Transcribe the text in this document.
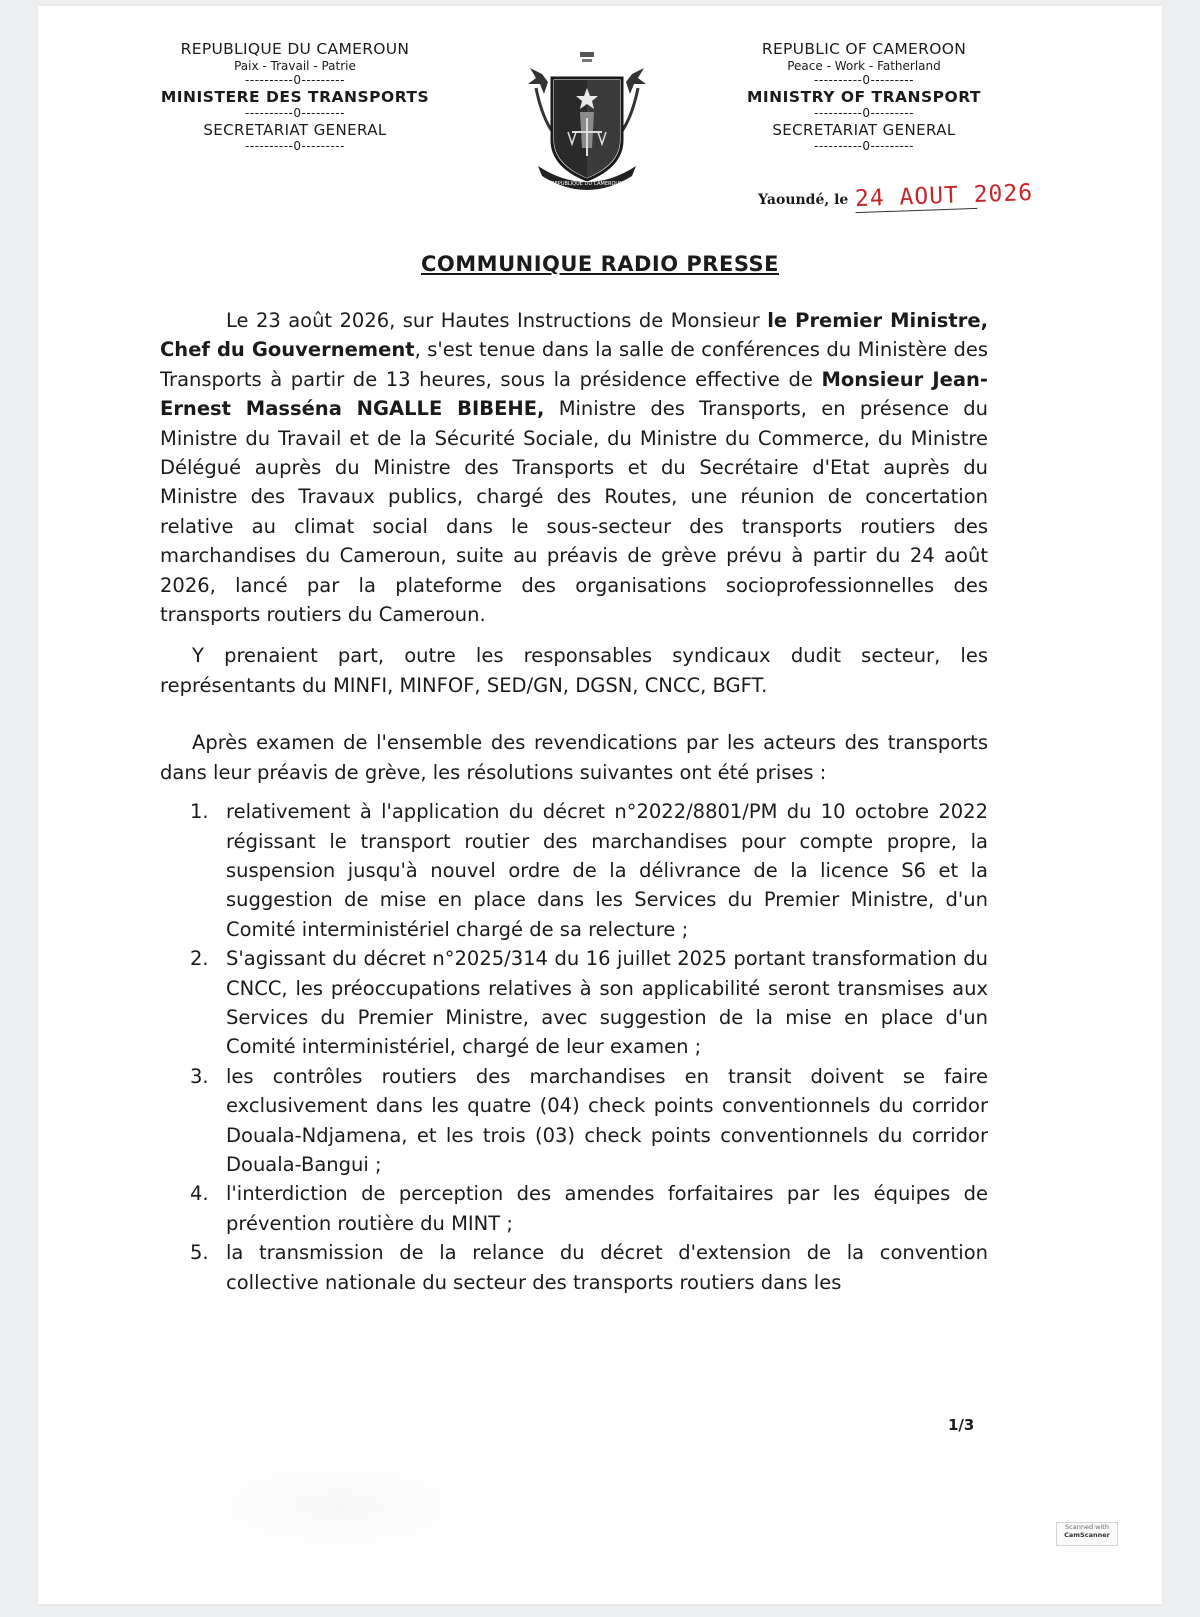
REPUBLIQUE DU CAMEROUN
Paix - Travail - Patrie
----------0---------
MINISTERE DES TRANSPORTS
----------0---------
SECRETARIAT GENERAL
----------0---------
REPUBLIQUE DU CAMEROUN
REPUBLIC OF CAMEROON
Peace - Work - Fatherland
----------0---------
MINISTRY OF TRANSPORT
----------0---------
SECRETARIAT GENERAL
----------0---------
Yaoundé, le 24 AOUT 2026
COMMUNIQUE RADIO PRESSE

Le 23 août 2026, sur Hautes Instructions de Monsieur le Premier Ministre, Chef du Gouvernement, s'est tenue dans la salle de conférences du Ministère des Transports à partir de 13 heures, sous la présidence effective de Monsieur Jean-Ernest Masséna NGALLE BIBEHE, Ministre des Transports, en présence du Ministre du Travail et de la Sécurité Sociale, du Ministre du Commerce, du Ministre Délégué auprès du Ministre des Transports et du Secrétaire d'Etat auprès du Ministre des Travaux publics, chargé des Routes, une réunion de concertation relative au climat social dans le sous-secteur des transports routiers des marchandises du Cameroun, suite au préavis de grève prévu à partir du 24 août 2026, lancé par la plateforme des organisations socioprofessionnelles des transports routiers du Cameroun.

Y prenaient part, outre les responsables syndicaux dudit secteur, les représentants du MINFI, MINFOF, SED/GN, DGSN, CNCC, BGFT.

Après examen de l'ensemble des revendications par les acteurs des transports dans leur préavis de grève, les résolutions suivantes ont été prises :

1. relativement à l'application du décret n°2022/8801/PM du 10 octobre 2022 régissant le transport routier des marchandises pour compte propre, la suspension jusqu'à nouvel ordre de la délivrance de la licence S6 et la suggestion de mise en place dans les Services du Premier Ministre, d'un Comité interministériel chargé de sa relecture ;
2. S'agissant du décret n°2025/314 du 16 juillet 2025 portant transformation du CNCC, les préoccupations relatives à son applicabilité seront transmises aux Services du Premier Ministre, avec suggestion de la mise en place d'un Comité interministériel, chargé de leur examen ;
3. les contrôles routiers des marchandises en transit doivent se faire exclusivement dans les quatre (04) check points conventionnels du corridor Douala-Ndjamena, et les trois (03) check points conventionnels du corridor Douala-Bangui ;
4. l'interdiction de perception des amendes forfaitaires par les équipes de prévention routière du MINT ;
5. la transmission de la relance du décret d'extension de la convention collective nationale du secteur des transports routiers dans les
1/3
Scanned with
CamScanner
